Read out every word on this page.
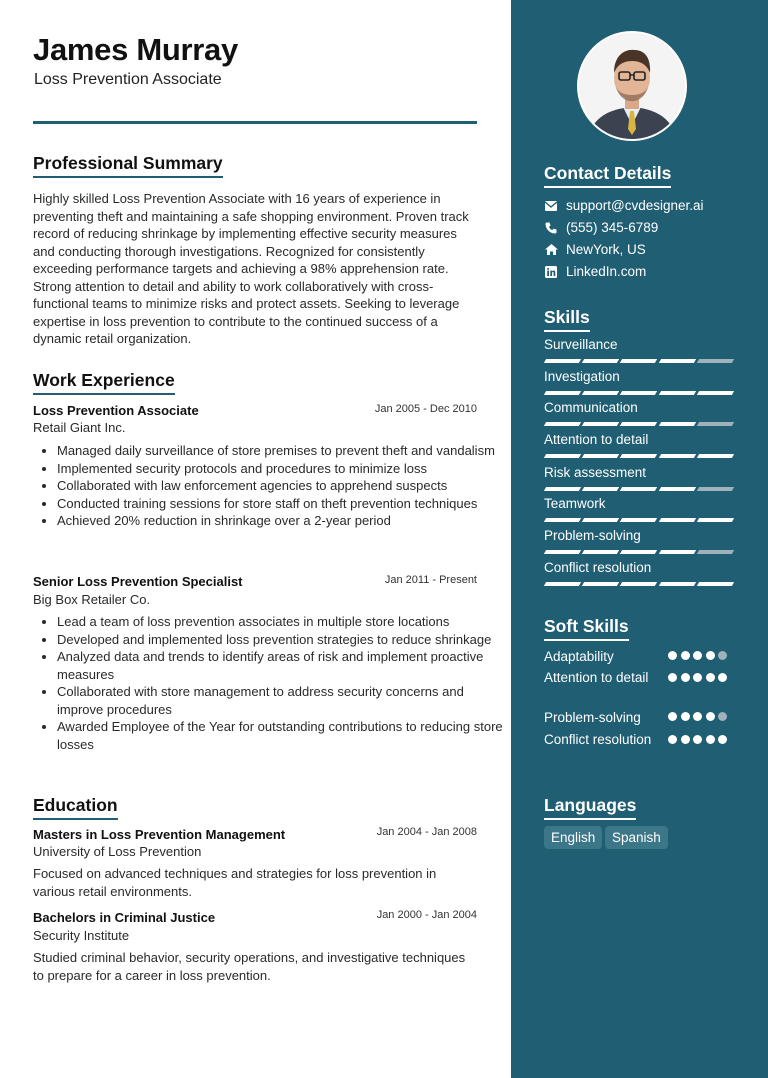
James Murray
Loss Prevention Associate
Professional Summary
Highly skilled Loss Prevention Associate with 16 years of experience in preventing theft and maintaining a safe shopping environment. Proven track record of reducing shrinkage by implementing effective security measures and conducting thorough investigations. Recognized for consistently exceeding performance targets and achieving a 98% apprehension rate. Strong attention to detail and ability to work collaboratively with cross-functional teams to minimize risks and protect assets. Seeking to leverage expertise in loss prevention to contribute to the continued success of a dynamic retail organization.
Work Experience
Loss Prevention Associate	Jan 2005 - Dec 2010
Retail Giant Inc.
• Managed daily surveillance of store premises to prevent theft and vandalism
• Implemented security protocols and procedures to minimize loss
• Collaborated with law enforcement agencies to apprehend suspects
• Conducted training sessions for store staff on theft prevention techniques
• Achieved 20% reduction in shrinkage over a 2-year period
Senior Loss Prevention Specialist	Jan 2011 - Present
Big Box Retailer Co.
• Lead a team of loss prevention associates in multiple store locations
• Developed and implemented loss prevention strategies to reduce shrinkage
• Analyzed data and trends to identify areas of risk and implement proactive measures
• Collaborated with store management to address security concerns and improve procedures
• Awarded Employee of the Year for outstanding contributions to reducing store losses
Education
Masters in Loss Prevention Management	Jan 2004 - Jan 2008
University of Loss Prevention
Focused on advanced techniques and strategies for loss prevention in various retail environments.
Bachelors in Criminal Justice	Jan 2000 - Jan 2004
Security Institute
Studied criminal behavior, security operations, and investigative techniques to prepare for a career in loss prevention.
Contact Details
support@cvdesigner.ai
(555) 345-6789
NewYork, US
LinkedIn.com
Skills
Surveillance
Investigation
Communication
Attention to detail
Risk assessment
Teamwork
Problem-solving
Conflict resolution
Soft Skills
Adaptability
Attention to detail
Problem-solving
Conflict resolution
Languages
English	Spanish
